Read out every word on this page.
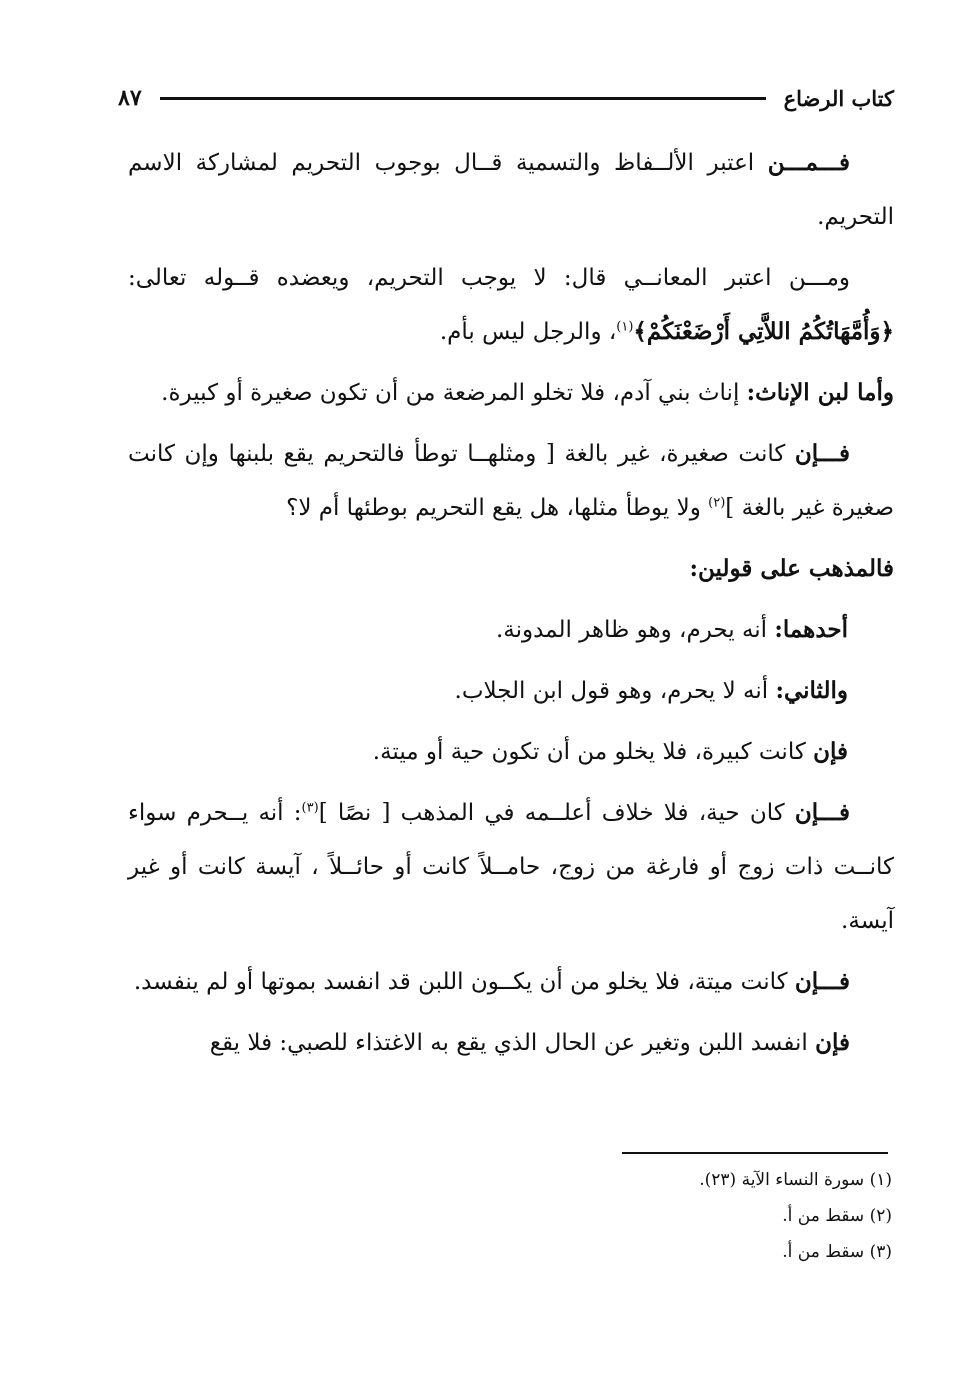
كتاب الرضاع
٨٧

فـــمـــن اعتبر الألــفاظ والتسمية قــال بوجوب التحريم لمشاركة الاسم التحريم.

ومـــن اعتبر المعانــي قال: لا يوجب التحريم، ويعضده قــوله تعالى: ﴿وَأُمَّهَاتُكُمُ اللاَّتِي أَرْضَعْنَكُمْ﴾$^{(١)}$، والرجل ليس بأم.

وأما لبن الإناث: إناث بني آدم، فلا تخلو المرضعة من أن تكون صغيرة أو كبيرة.

فـــإن كانت صغيرة، غير بالغة [ ومثلهــا توطأ فالتحريم يقع بلبنها وإن كانت صغيرة غير بالغة ]$^{(٢)}$ ولا يوطأ مثلها، هل يقع التحريم بوطئها أم لا؟

فالمذهب على قولين:

أحدهما: أنه يحرم، وهو ظاهر المدونة.

والثاني: أنه لا يحرم، وهو قول ابن الجلاب.

فإن كانت كبيرة، فلا يخلو من أن تكون حية أو ميتة.

فـــإن كان حية، فلا خلاف أعلــمه في المذهب [ نصًا ]$^{(٣)}$: أنه يــحرم سواء كانــت ذات زوج أو فارغة من زوج، حامــلاً كانت أو حائــلاً ، آيسة كانت أو غير آيسة.

فـــإن كانت ميتة، فلا يخلو من أن يكــون اللبن قد انفسد بموتها أو لم ينفسد.

فإن انفسد اللبن وتغير عن الحال الذي يقع به الاغتذاء للصبي: فلا يقع

(١) سورة النساء الآية (٢٣).
(٢) سقط من أ.
(٣) سقط من أ.
